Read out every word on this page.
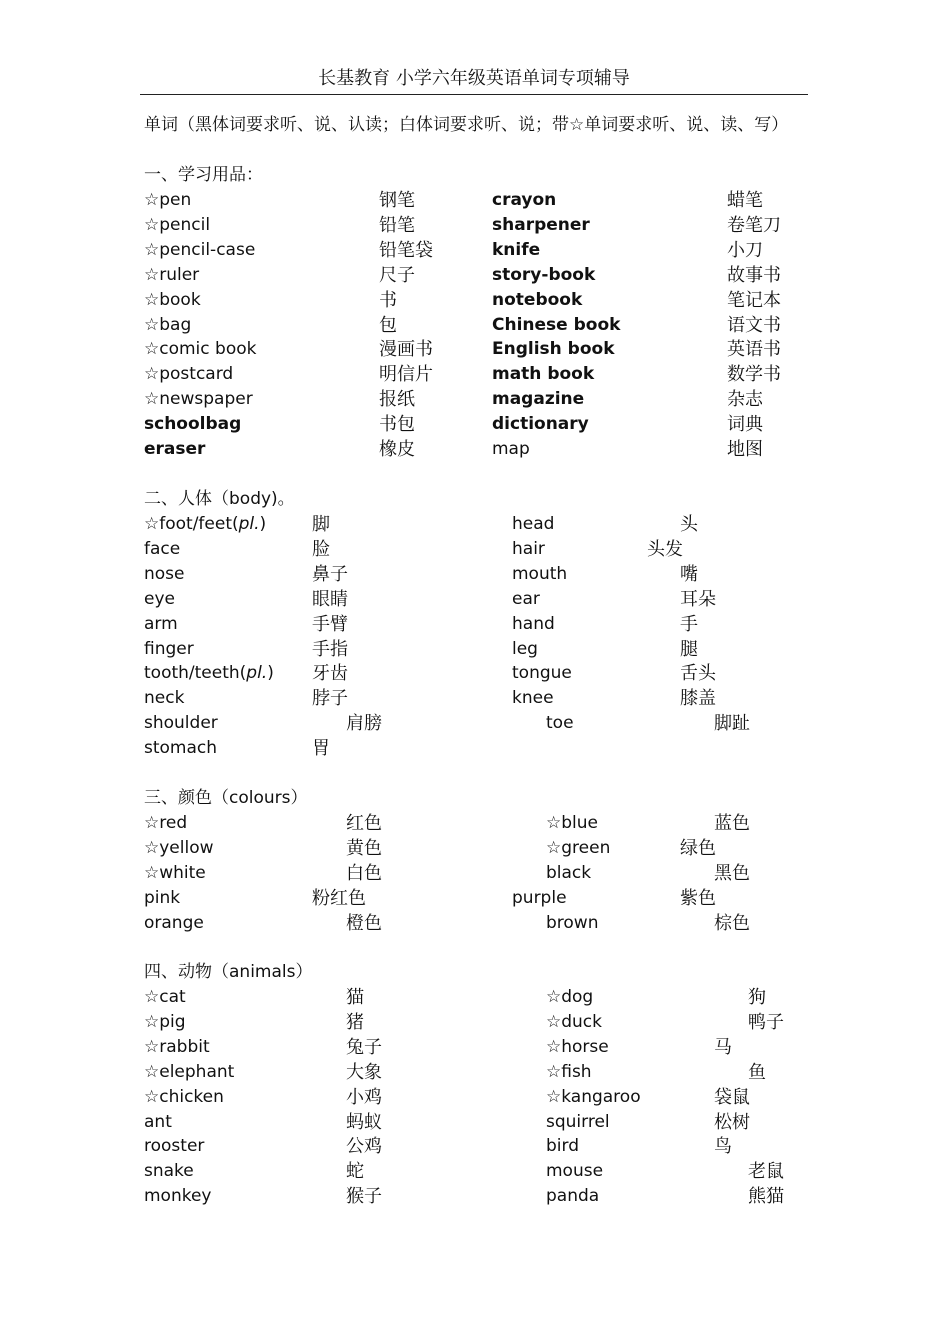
长基教育 小学六年级英语单词专项辅导
单词（黑体词要求听、说、认读；白体词要求听、说；带☆单词要求听、说、读、写）
一、学习用品：
二、人体（body)。
三、颜色（colours）
四、动物（animals）
☆pen	钢笔	crayon	蜡笔
☆pencil	铅笔	sharpener	卷笔刀
☆pencil-case	铅笔袋	knife	小刀
☆ruler	尺子	story-book	故事书
☆book	书	notebook	笔记本
☆bag	包	Chinese book	语文书
☆comic book	漫画书	English book	英语书
☆postcard	明信片	math book	数学书
☆newspaper	报纸	magazine	杂志
schoolbag	书包	dictionary	词典
eraser	橡皮	map	地图
☆foot/feet(pl.)	脚	head	头
face	脸	hair	头发
nose	鼻子	mouth	嘴
eye	眼睛	ear	耳朵
arm	手臂	hand	手
finger	手指	leg	腿
tooth/teeth(pl.) 牙齿	tongue	舌头
neck	脖子	knee	膝盖
shoulder	肩膀	toe	脚趾
stomach	胃
☆red	红色	☆blue	蓝色
☆yellow	黄色	☆green	绿色
☆white	白色	black	黑色
pink	粉红色	purple	紫色
orange	橙色	brown	棕色
☆cat	猫	☆dog	狗
☆pig	猪	☆duck	鸭子
☆rabbit	兔子	☆horse	马
☆elephant	大象	☆fish	鱼
☆chicken	小鸡	☆kangaroo	袋鼠
ant	蚂蚁	squirrel	松树
rooster	公鸡	bird	鸟
snake	蛇	mouse	老鼠
monkey	猴子	panda	熊猫
